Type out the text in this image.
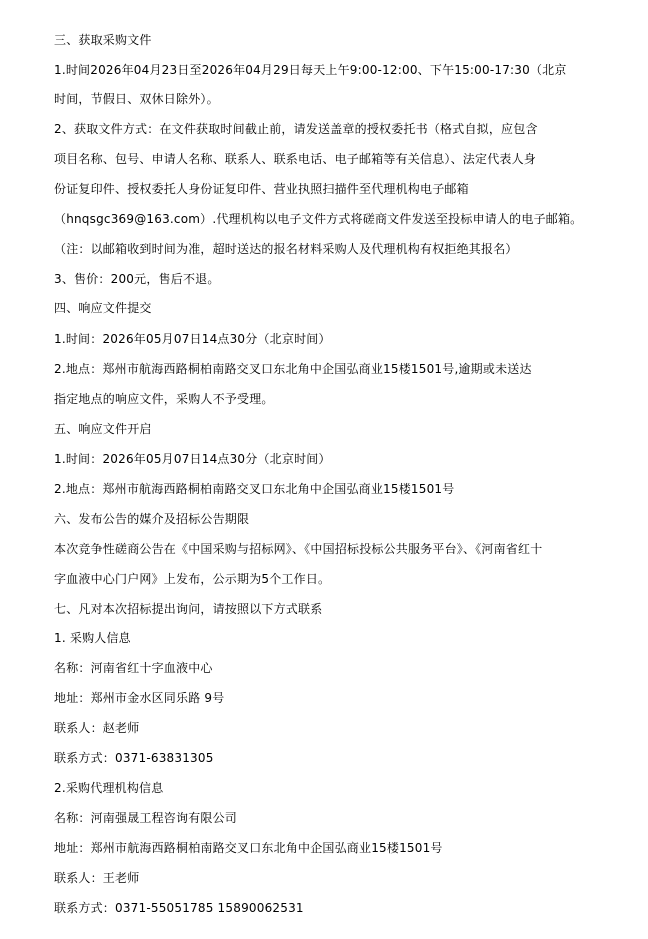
三、获取采购文件
1.时间2026年04月23日至2026年04月29日每天上午9:00-12:00、下午15:00-17:30（北京
时间，节假日、双休日除外）。
2、获取文件方式：在文件获取时间截止前，请发送盖章的授权委托书（格式自拟，应包含
项目名称、包号、申请人名称、联系人、联系电话、电子邮箱等有关信息）、法定代表人身
份证复印件、授权委托人身份证复印件、营业执照扫描件至代理机构电子邮箱
（hnqsgc369@163.com）.代理机构以电子文件方式将磋商文件发送至投标申请人的电子邮箱。
（注：以邮箱收到时间为准，超时送达的报名材料采购人及代理机构有权拒绝其报名）
3、售价：200元，售后不退。
四、响应文件提交
1.时间：2026年05月07日14点30分（北京时间）
2.地点：郑州市航海西路桐柏南路交叉口东北角中企国弘商业15楼1501号,逾期或未送达
指定地点的响应文件，采购人不予受理。
五、响应文件开启
1.时间：2026年05月07日14点30分（北京时间）
2.地点：郑州市航海西路桐柏南路交叉口东北角中企国弘商业15楼1501号
六、发布公告的媒介及招标公告期限
本次竞争性磋商公告在《中国采购与招标网》、《中国招标投标公共服务平台》、《河南省红十
字血液中心门户网》上发布，公示期为5个工作日。
七、凡对本次招标提出询问，请按照以下方式联系
1. 采购人信息
名称：河南省红十字血液中心
地址：郑州市金水区同乐路 9号
联系人：赵老师
联系方式：0371-63831305
2.采购代理机构信息
名称：河南强晟工程咨询有限公司
地址：郑州市航海西路桐柏南路交叉口东北角中企国弘商业15楼1501号
联系人：王老师
联系方式：0371-55051785 15890062531
